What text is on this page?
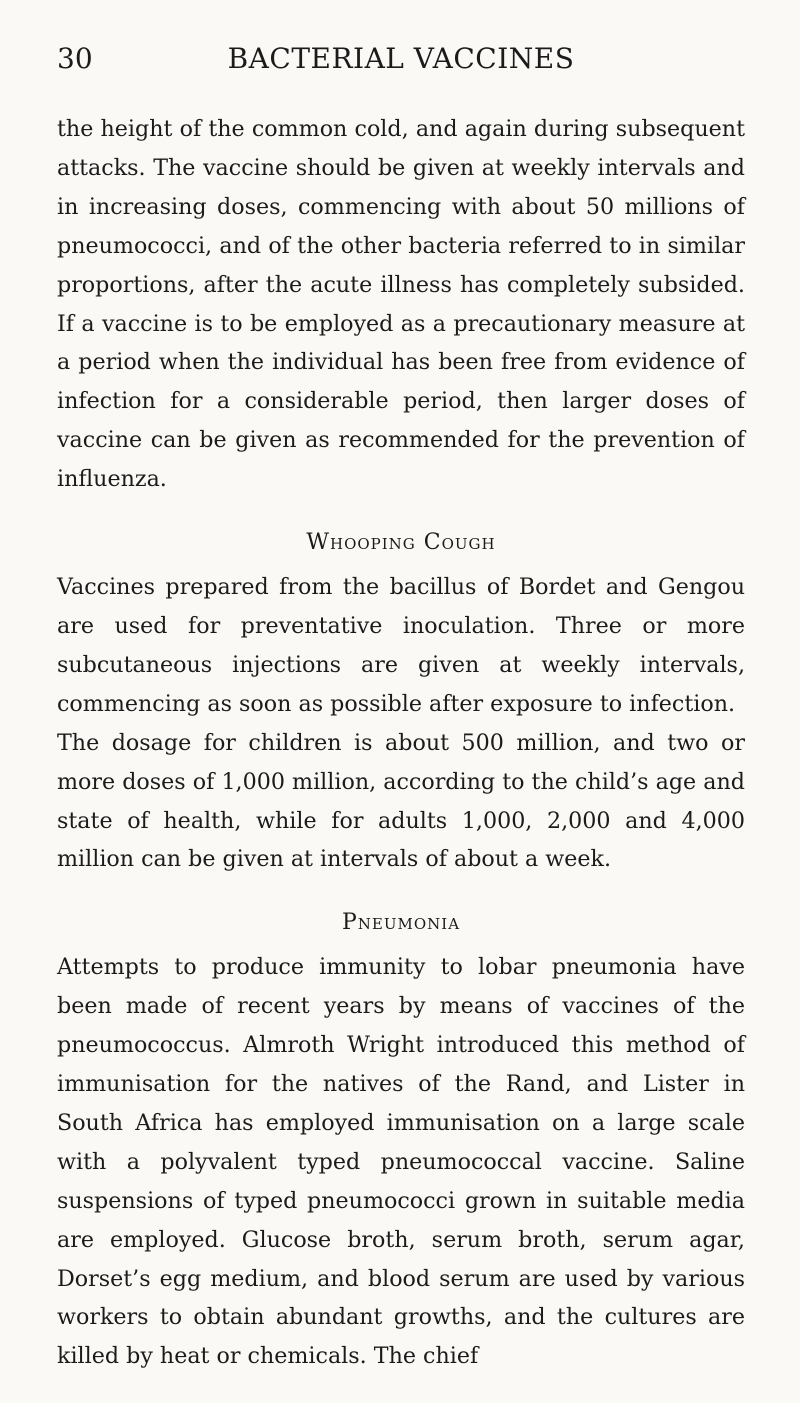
30	BACTERIAL VACCINES

the height of the common cold, and again during subsequent attacks. The vaccine should be given at weekly intervals and in increasing doses, commencing with about 50 millions of pneumococci, and of the other bacteria referred to in similar proportions, after the acute illness has completely subsided. If a vaccine is to be employed as a precautionary measure at a period when the individual has been free from evidence of infection for a considerable period, then larger doses of vaccine can be given as recommended for the prevention of influenza.

Whooping Cough

Vaccines prepared from the bacillus of Bordet and Gengou are used for preventative inoculation. Three or more subcutaneous injections are given at weekly intervals, commencing as soon as possible after exposure to infection.

The dosage for children is about 500 million, and two or more doses of 1,000 million, according to the child’s age and state of health, while for adults 1,000, 2,000 and 4,000 million can be given at intervals of about a week.

Pneumonia

Attempts to produce immunity to lobar pneumonia have been made of recent years by means of vaccines of the pneumococcus. Almroth Wright introduced this method of immunisation for the natives of the Rand, and Lister in South Africa has employed immunisation on a large scale with a polyvalent typed pneumococcal vaccine. Saline suspensions of typed pneumococci grown in suitable media are employed. Glucose broth, serum broth, serum agar, Dorset’s egg medium, and blood serum are used by various workers to obtain abundant growths, and the cultures are killed by heat or chemicals. The chief
